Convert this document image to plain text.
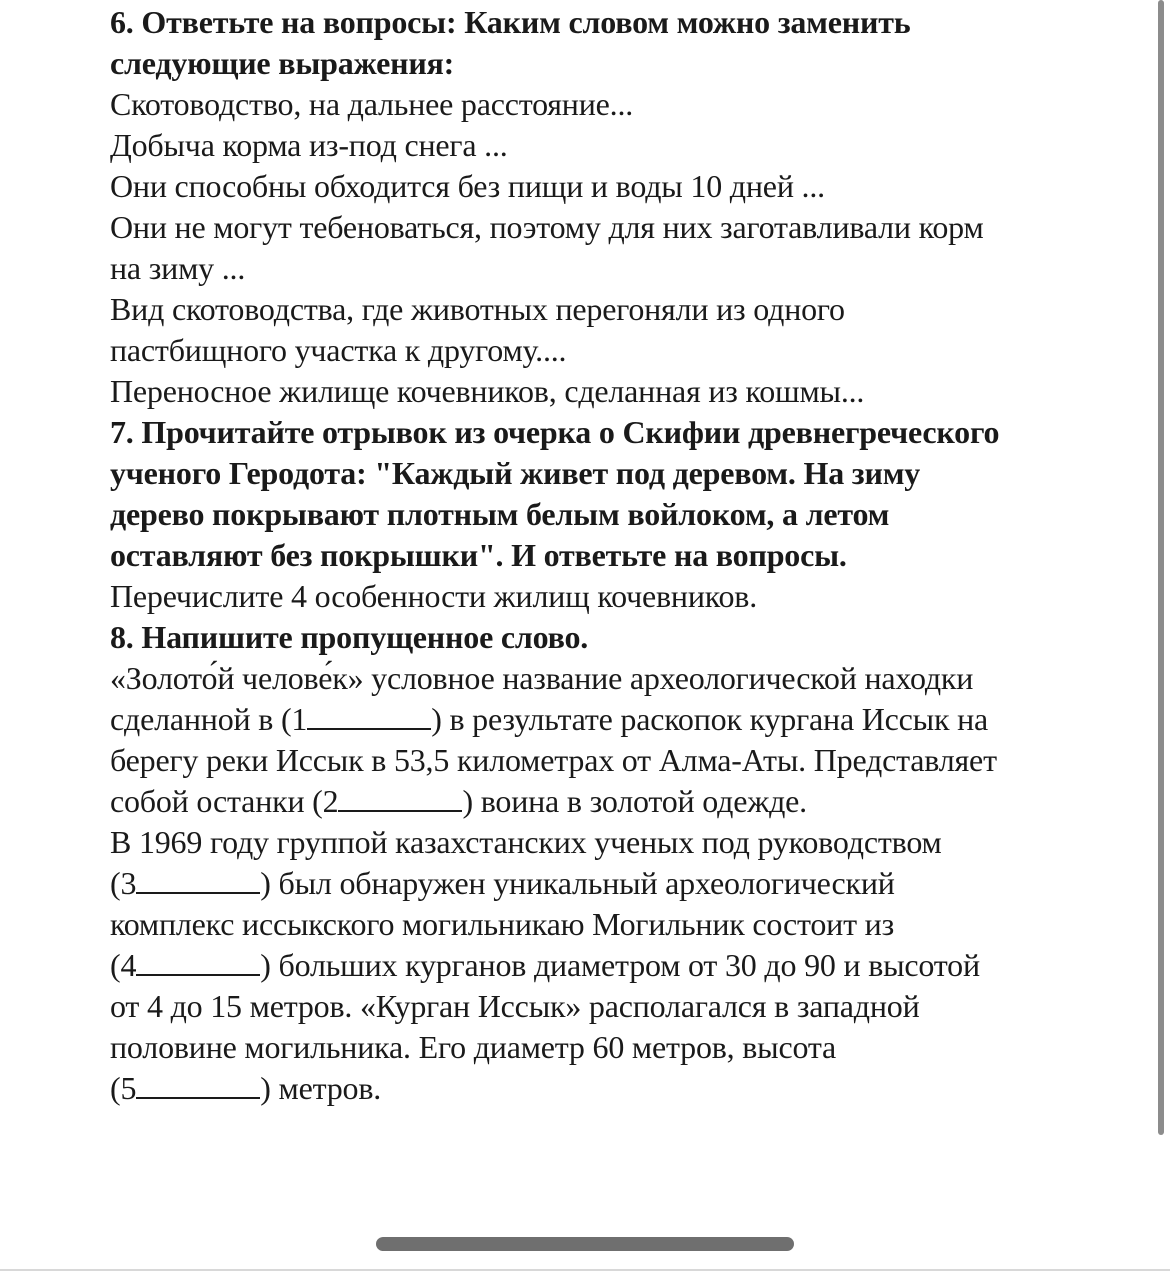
6. Ответьте на вопросы: Каким словом можно заменить
следующие выражения:
Скотоводство, на дальнее расстояние...
Добыча корма из-под снега ...
Они способны обходится без пищи и воды 10 дней ...
Они не могут тебеноваться, поэтому для них заготавливали корм
на зиму ...
Вид скотоводства, где животных перегоняли из одного
пастбищного участка к другому....
Переносное жилище кочевников, сделанная из кошмы...
7. Прочитайте отрывок из очерка о Скифии древнегреческого
ученого Геродота: "Каждый живет под деревом. На зиму
дерево покрывают плотным белым войлоком, а летом
оставляют без покрышки". И ответьте на вопросы.
Перечислите 4 особенности жилищ кочевников.
8. Напишите пропущенное слово.
«Золото́й челове́к» условное название археологической находки
сделанной в (1	) в результате раскопок кургана Иссык на
берегу реки Иссык в 53,5 километрах от Алма-Аты. Представляет
собой останки (2	) воина в золотой одежде.
В 1969 году группой казахстанских ученых под руководством
(3	) был обнаружен уникальный археологический
комплекс иссыкского могильникаю Могильник состоит из
(4	) больших курганов диаметром от 30 до 90 и высотой
от 4 до 15 метров. «Курган Иссык» располагался в западной
половине могильника. Его диаметр 60 метров, высота
(5	) метров.
